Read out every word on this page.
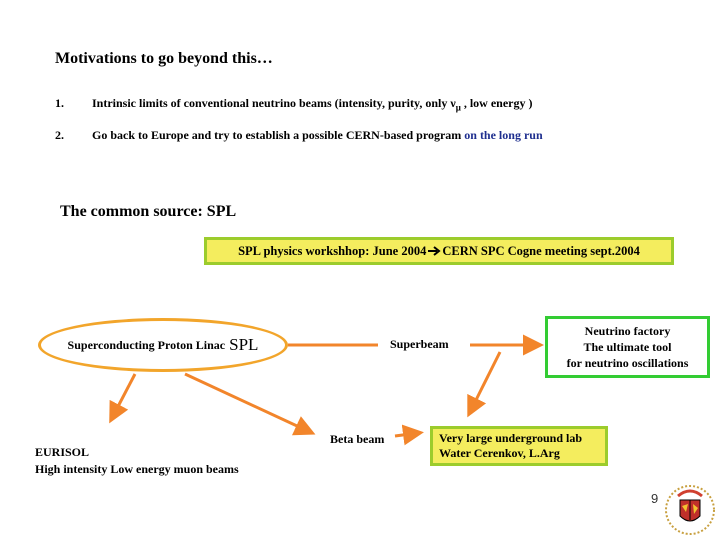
Motivations to go beyond this…
1. Intrinsic limits of conventional neutrino beams (intensity, purity, only $\nu_\mu$ , low energy )
2. Go back to Europe and try to establish a possible CERN-based program on the long run
The common source: SPL
SPL physics workshhop: June 2004 CERN SPC Cogne meeting sept.2004
Superconducting Proton Linac SPL	Superbeam
Neutrino factory
The ultimate tool
for neutrino oscillations
EURISOL
High intensity Low energy muon beams
Beta beam	Very large underground lab
Water Cerenkov, L.Arg
9
